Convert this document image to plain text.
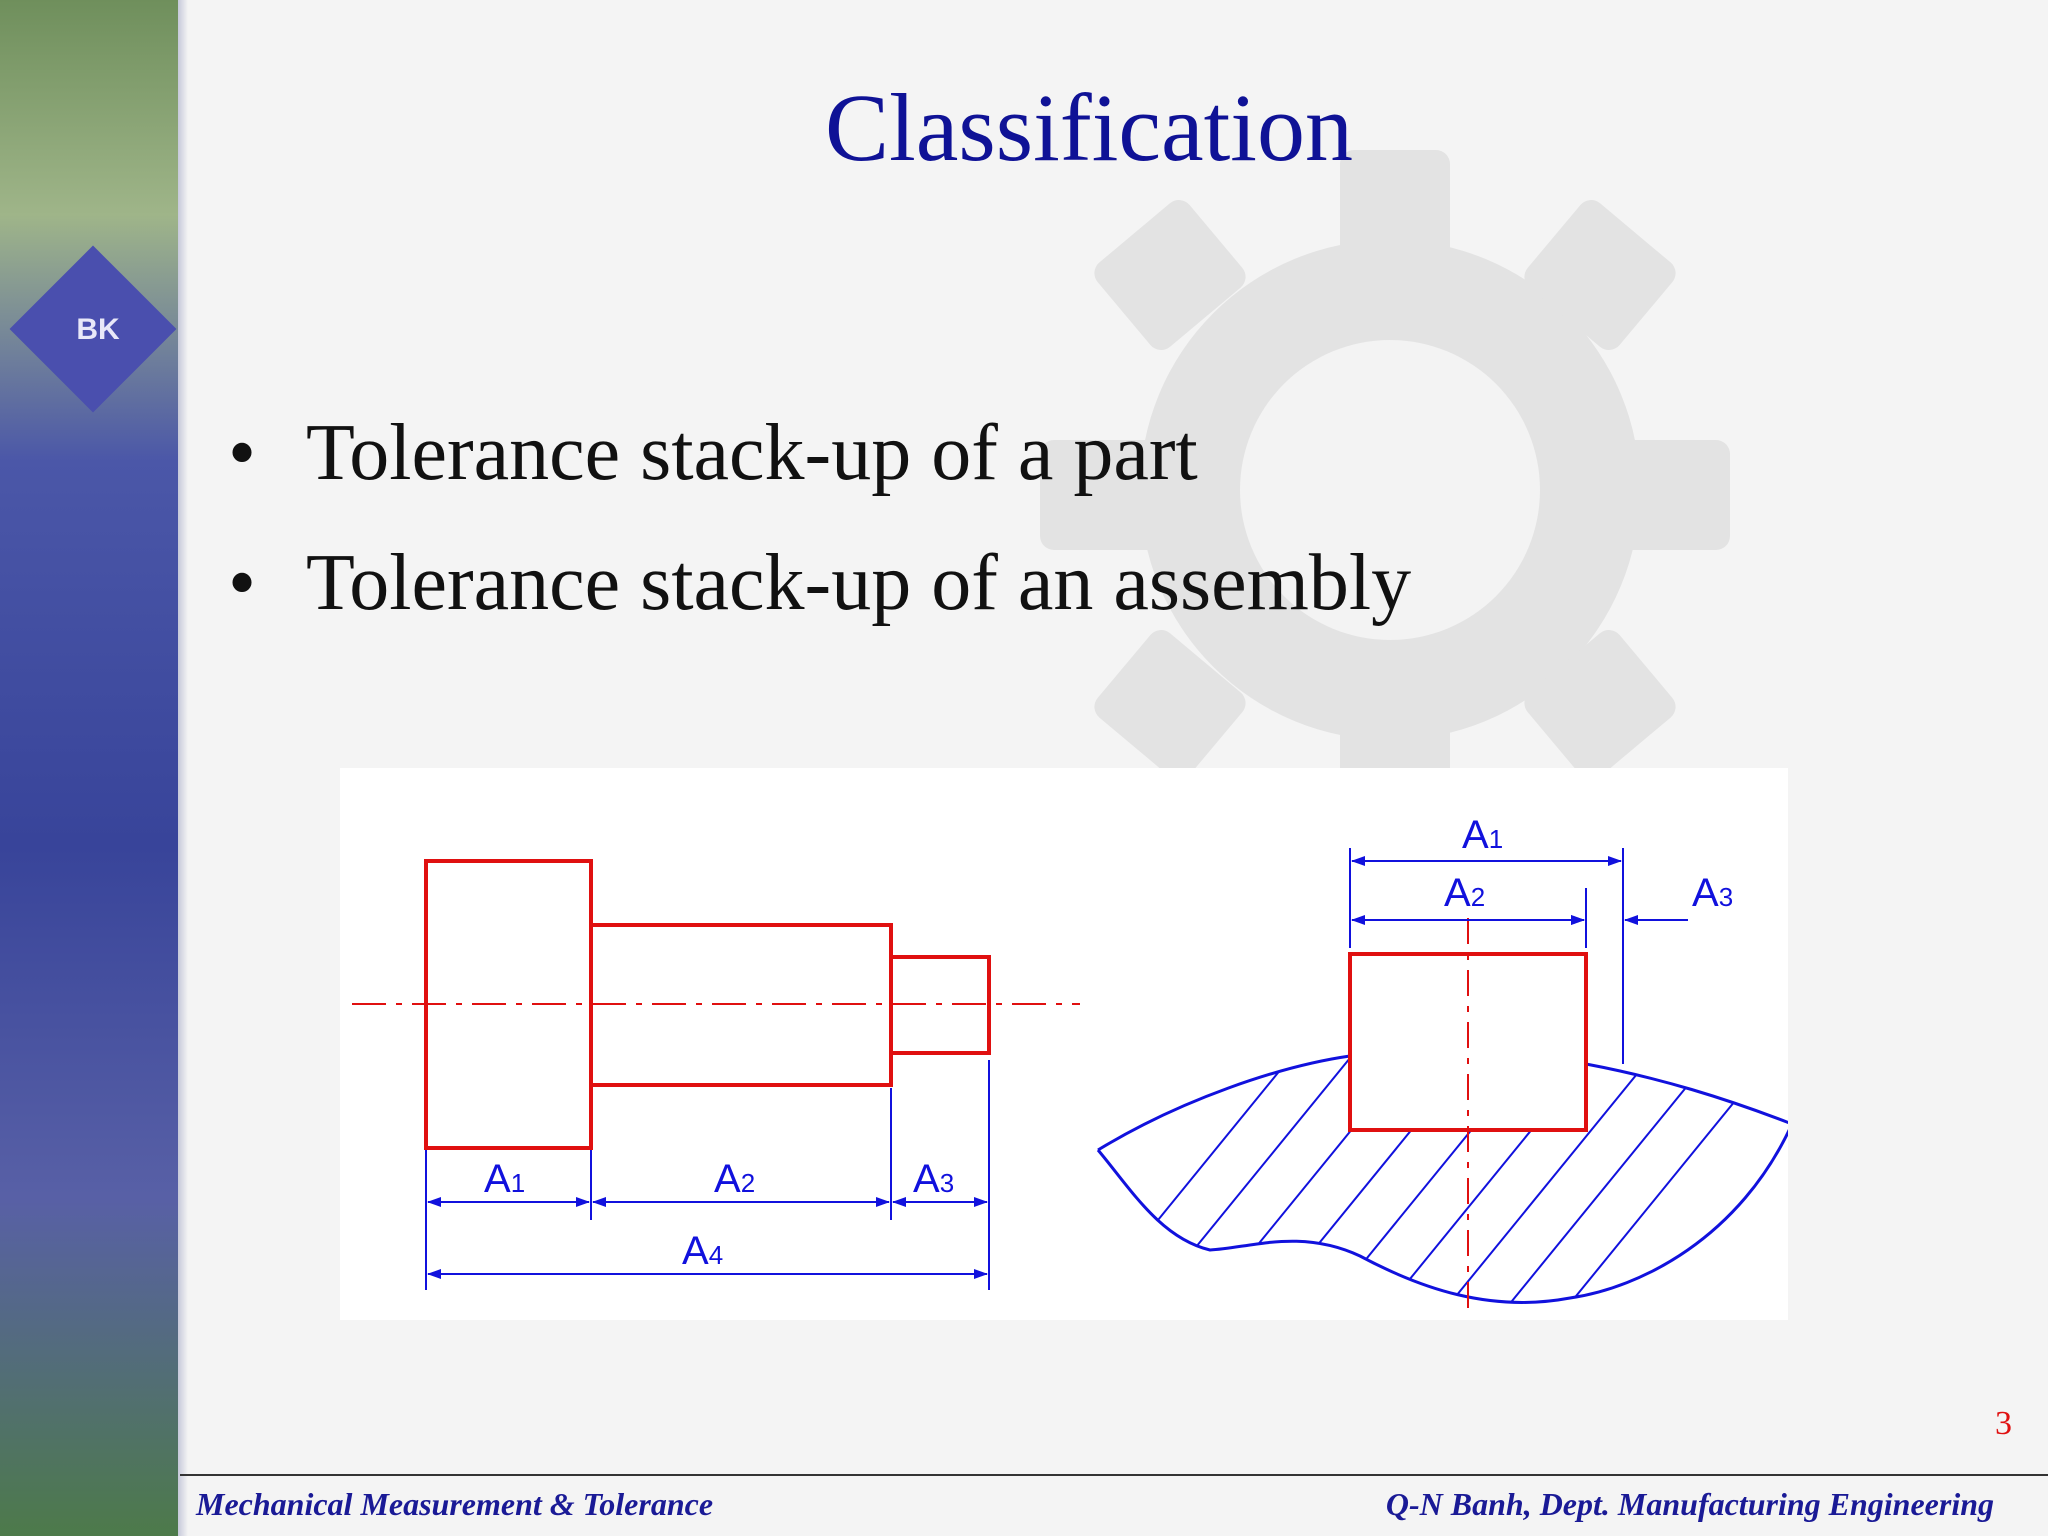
BK
Classification
• Tolerance stack-up of a part
• Tolerance stack-up of an assembly
A1	A2	A3
A4
A1
A2	A3
3
Mechanical Measurement & Tolerance	Q-N Banh, Dept. Manufacturing Engineering
